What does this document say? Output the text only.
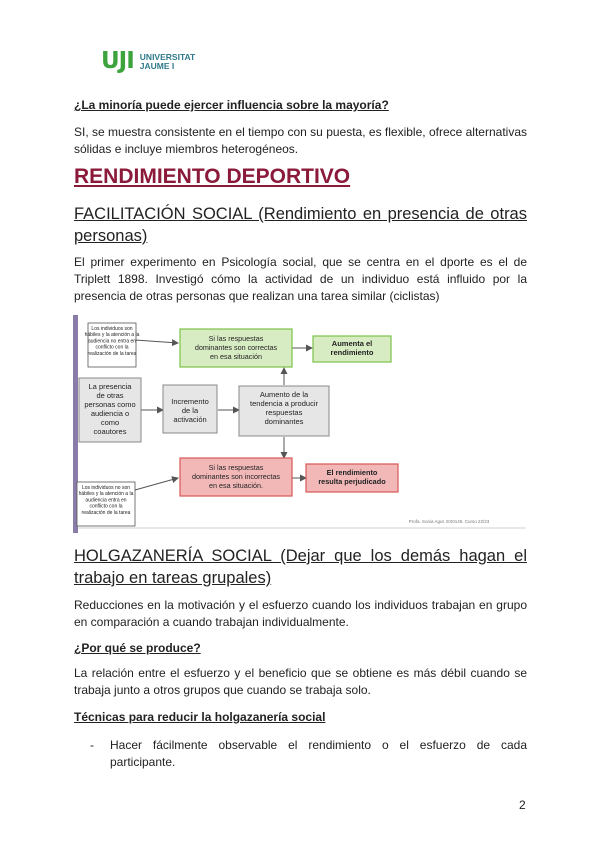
UJI UNIVERSITAT
JAUME I
¿La minoría puede ejercer influencia sobre la mayoría?
SI, se muestra consistente en el tiempo con su puesta, es flexible, ofrece alternativas sólidas e incluye miembros heterogéneos.
RENDIMIENTO DEPORTIVO
FACILITACIÓN SOCIAL (Rendimiento en presencia de otras personas)
El primer experimento en Psicología social, que se centra en el dporte es el de Triplett 1898. Investigó cómo la actividad de un individuo está influido por la presencia de otras personas que realizan una tarea similar (ciclistas)
Los individuos son hábiles y la atención a la audiencia no entra en conflicto con la realización de la tarea
La presencia de otras personas como audiencia o como coautores
Incremento de la activación
Aumento de la tendencia a producir respuestas dominantes
Si las respuestas dominantes son correctas en esa situación
Aumenta el rendimiento
Si las respuestas dominantes son incorrectas en esa situación.
El rendimiento resulta perjudicado
Los individuos no son hábiles y la atención a la audiencia entra en conflicto con la realización de la tarea
Profa. Sonia Agut. ES0145. Curso 22/23
HOLGAZANERÍA SOCIAL (Dejar que los demás hagan el trabajo en tareas grupales)
Reducciones en la motivación y el esfuerzo cuando los individuos trabajan en grupo en comparación a cuando trabajan individualmente.
¿Por qué se produce?
La relación entre el esfuerzo y el beneficio que se obtiene es más débil cuando se trabaja junto a otros grupos que cuando se trabaja solo.
Técnicas para reducir la holgazanería social
-	Hacer fácilmente observable el rendimiento o el esfuerzo de cada participante.
2
